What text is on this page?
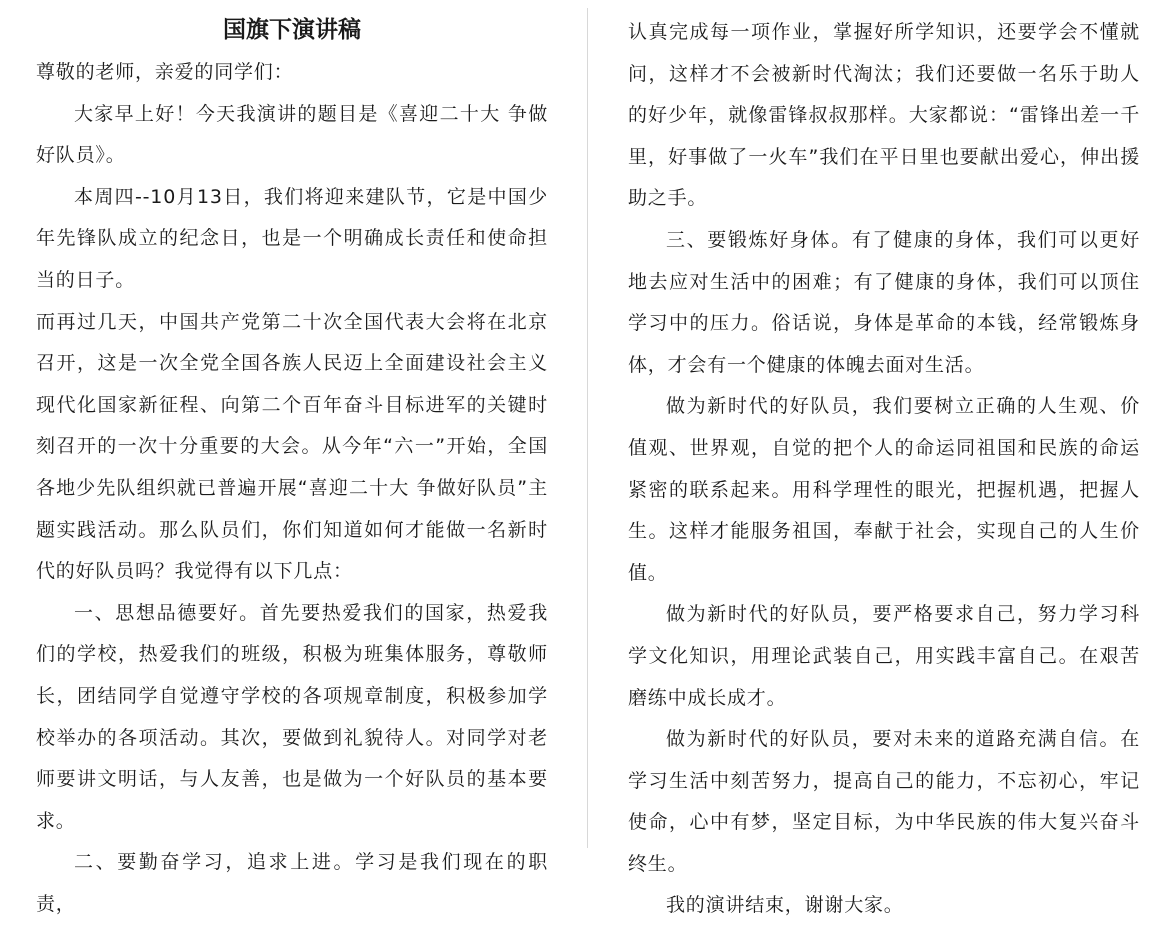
国旗下演讲稿

尊敬的老师，亲爱的同学们：

大家早上好！今天我演讲的题目是《喜迎二十大 争做好队员》。

本周四--10月13日，我们将迎来建队节，它是中国少年先锋队成立的纪念日，也是一个明确成长责任和使命担当的日子。

而再过几天，中国共产党第二十次全国代表大会将在北京召开，这是一次全党全国各族人民迈上全面建设社会主义现代化国家新征程、向第二个百年奋斗目标进军的关键时刻召开的一次十分重要的大会。从今年“六一”开始，全国各地少先队组织就已普遍开展“喜迎二十大 争做好队员”主题实践活动。那么队员们，你们知道如何才能做一名新时代的好队员吗？我觉得有以下几点：

一、思想品德要好。首先要热爱我们的国家，热爱我们的学校，热爱我们的班级，积极为班集体服务，尊敬师长，团结同学自觉遵守学校的各项规章制度，积极参加学校举办的各项活动。其次，要做到礼貌待人。对同学对老师要讲文明话，与人友善，也是做为一个好队员的基本要求。

二、要勤奋学习，追求上进。学习是我们现在的职责，

认真完成每一项作业，掌握好所学知识，还要学会不懂就问，这样才不会被新时代淘汰；我们还要做一名乐于助人的好少年，就像雷锋叔叔那样。大家都说：“雷锋出差一千里，好事做了一火车”我们在平日里也要献出爱心，伸出援助之手。

三、要锻炼好身体。有了健康的身体，我们可以更好地去应对生活中的困难；有了健康的身体，我们可以顶住学习中的压力。俗话说，身体是革命的本钱，经常锻炼身体，才会有一个健康的体魄去面对生活。

做为新时代的好队员，我们要树立正确的人生观、价值观、世界观，自觉的把个人的命运同祖国和民族的命运紧密的联系起来。用科学理性的眼光，把握机遇，把握人生。这样才能服务祖国，奉献于社会，实现自己的人生价值。

做为新时代的好队员，要严格要求自己，努力学习科学文化知识，用理论武装自己，用实践丰富自己。在艰苦磨练中成长成才。

做为新时代的好队员，要对未来的道路充满自信。在学习生活中刻苦努力，提高自己的能力，不忘初心，牢记使命，心中有梦，坚定目标，为中华民族的伟大复兴奋斗终生。

我的演讲结束，谢谢大家。
